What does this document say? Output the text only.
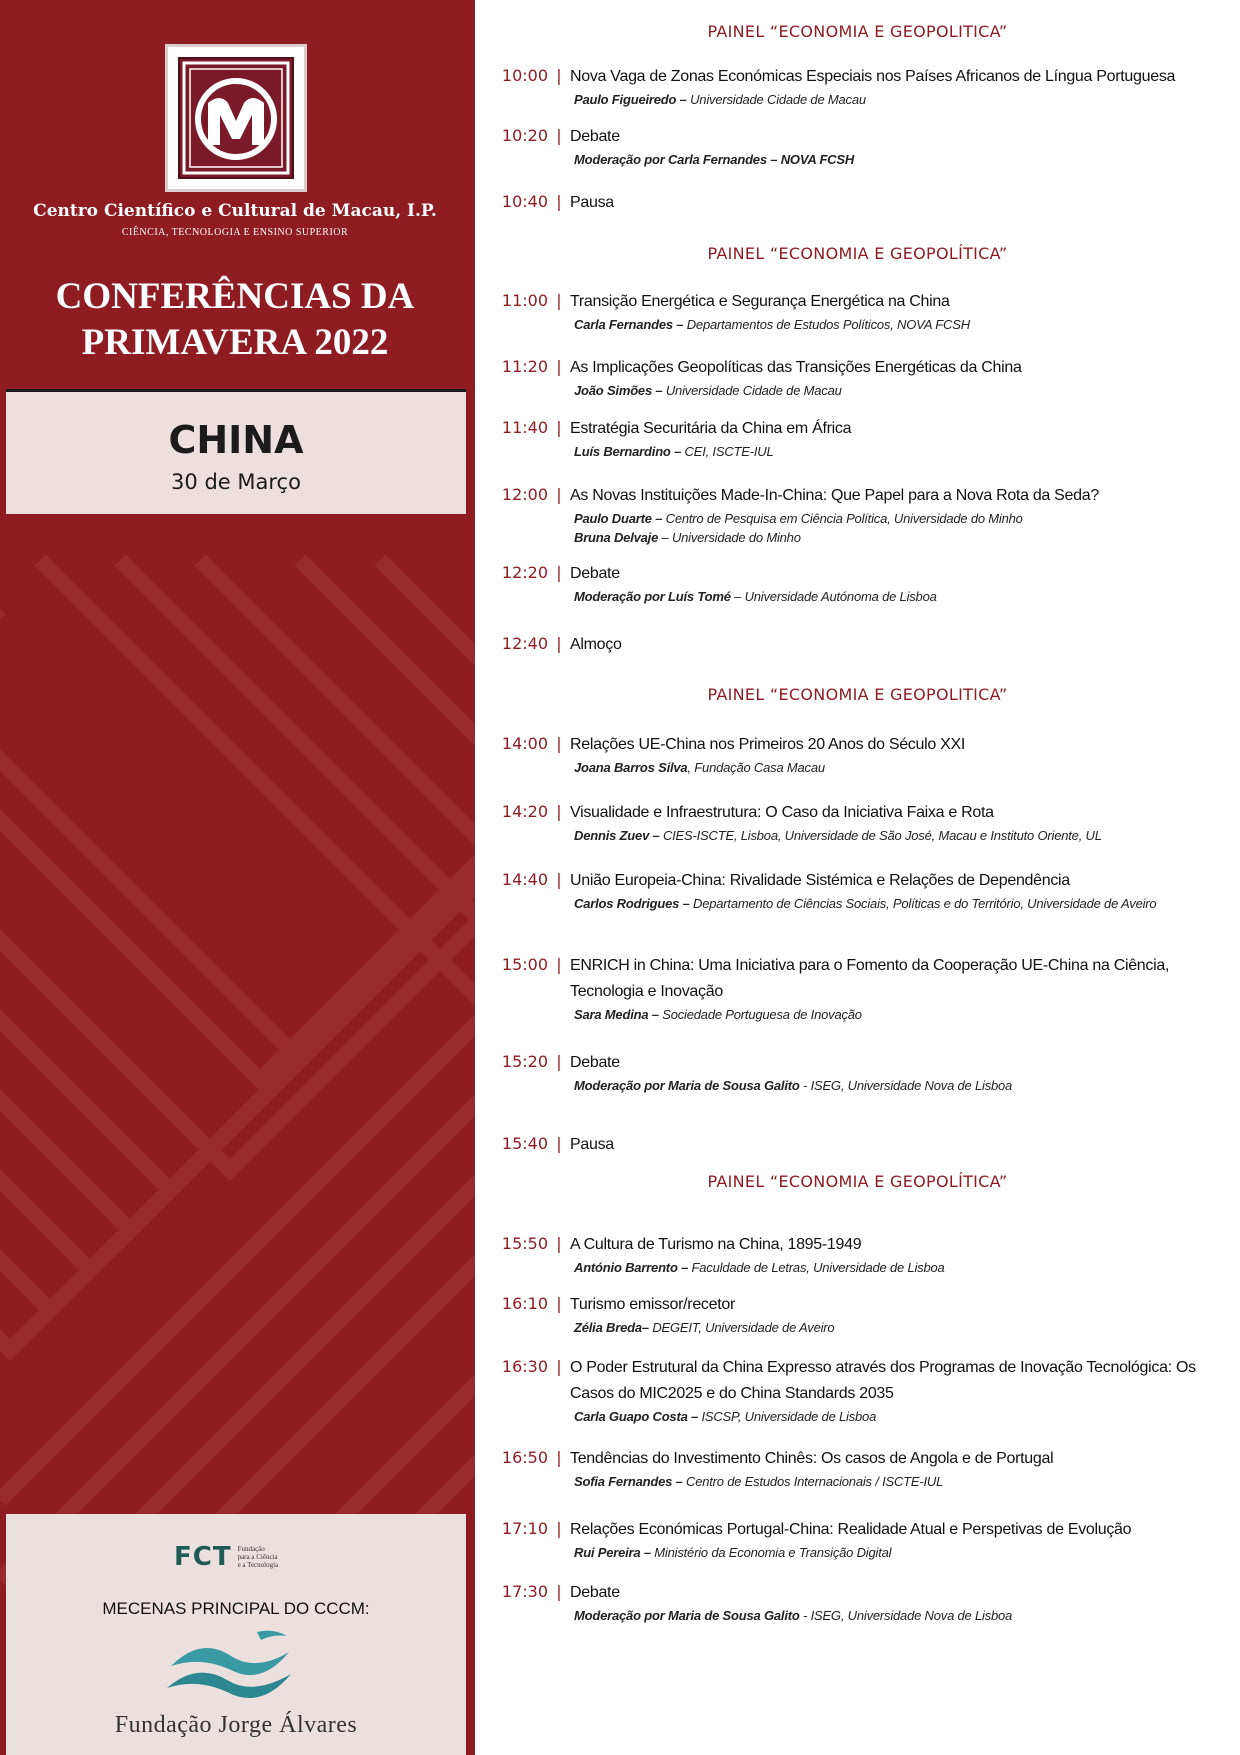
Centro Científico e Cultural de Macau, I.P.
CIÊNCIA, TECNOLOGIA E ENSINO SUPERIOR
CONFERÊNCIAS DA
PRIMAVERA 2022
CHINA
30 de Março
FCT Fundação
para a Ciência
e a Tecnologia
MECENAS PRINCIPAL DO CCCM:
Fundação Jorge Álvares
PAINEL “ECONOMIA E GEOPOLITICA”
10:00 | Nova Vaga de Zonas Económicas Especiais nos Países Africanos de Língua Portuguesa
Paulo Figueiredo – Universidade Cidade de Macau
10:20 | Debate
Moderação por Carla Fernandes – NOVA FCSH
10:40 | Pausa
PAINEL “ECONOMIA E GEOPOLÍTICA”
11:00 | Transição Energética e Segurança Energética na China
Carla Fernandes – Departamentos de Estudos Políticos, NOVA FCSH
11:20 | As Implicações Geopolíticas das Transições Energéticas da China
João Simões – Universidade Cidade de Macau
11:40 | Estratégia Securitária da China em África
Luís Bernardino – CEI, ISCTE-IUL
12:00 | As Novas Instituições Made-In-China: Que Papel para a Nova Rota da Seda?
Paulo Duarte – Centro de Pesquisa em Ciência Política, Universidade do Minho
Bruna Delvaje – Universidade do Minho
12:20 | Debate
Moderação por Luís Tomé – Universidade Autónoma de Lisboa
12:40 | Almoço
PAINEL “ECONOMIA E GEOPOLITICA”
14:00 | Relações UE-China nos Primeiros 20 Anos do Século XXI
Joana Barros Silva, Fundação Casa Macau
14:20 | Visualidade e Infraestrutura: O Caso da Iniciativa Faixa e Rota
Dennis Zuev – CIES-ISCTE, Lisboa, Universidade de São José, Macau e Instituto Oriente, UL
14:40 | União Europeia-China: Rivalidade Sistémica e Relações de Dependência
Carlos Rodrigues – Departamento de Ciências Sociais, Políticas e do Território, Universidade de Aveiro
15:00 | ENRICH in China: Uma Iniciativa para o Fomento da Cooperação UE-China na Ciência, Tecnologia e Inovação
Sara Medina – Sociedade Portuguesa de Inovação
15:20 | Debate
Moderação por Maria de Sousa Galito - ISEG, Universidade Nova de Lisboa
15:40 | Pausa
PAINEL “ECONOMIA E GEOPOLÍTICA”
15:50 | A Cultura de Turismo na China, 1895-1949
António Barrento – Faculdade de Letras, Universidade de Lisboa
16:10 | Turismo emissor/recetor
Zélia Breda– DEGEIT, Universidade de Aveiro
16:30 | O Poder Estrutural da China Expresso através dos Programas de Inovação Tecnológica: Os Casos do MIC2025 e do China Standards 2035
Carla Guapo Costa – ISCSP, Universidade de Lisboa
16:50 | Tendências do Investimento Chinês: Os casos de Angola e de Portugal
Sofia Fernandes – Centro de Estudos Internacionais / ISCTE-IUL
17:10 | Relações Económicas Portugal-China: Realidade Atual e Perspetivas de Evolução
Rui Pereira – Ministério da Economia e Transição Digital
17:30 | Debate
Moderação por Maria de Sousa Galito - ISEG, Universidade Nova de Lisboa
